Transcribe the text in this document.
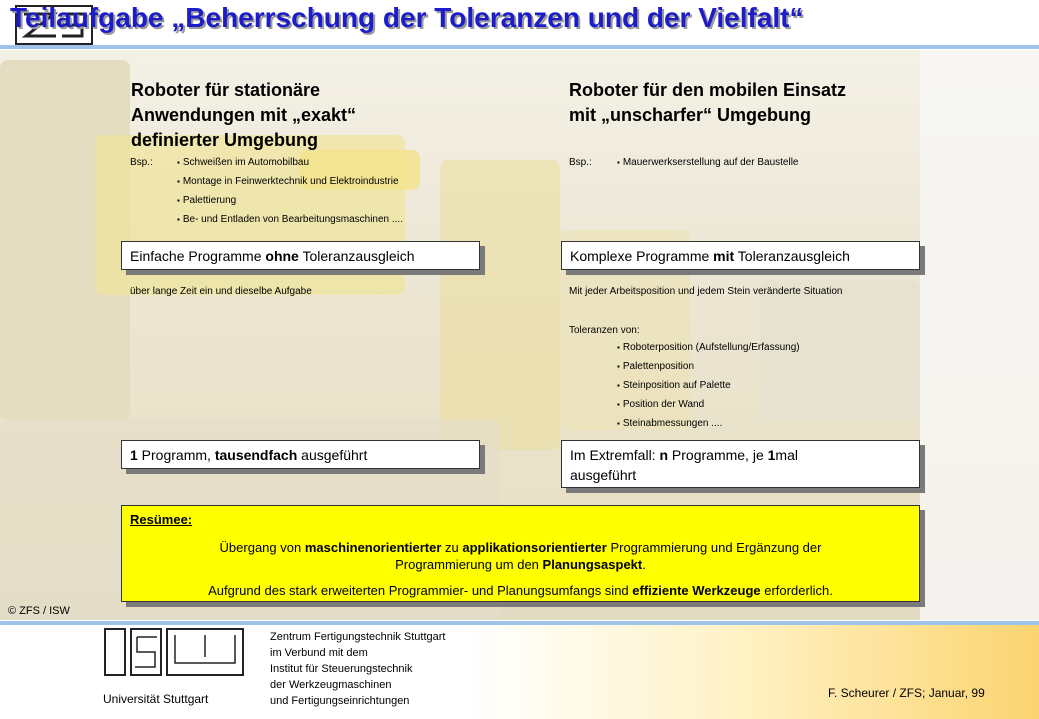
Teilaufgabe „Beherrschung der Toleranzen und der Vielfalt“
Roboter für stationäre
Anwendungen mit „exakt“
definierter Umgebung
Bsp.:	▪ Schweißen im Automobilbau
▪ Montage in Feinwerktechnik und Elektroindustrie
▪ Palettierung
▪ Be- und Entladen von Bearbeitungsmaschinen ....
Einfache Programme ohne Toleranzausgleich
über lange Zeit ein und dieselbe Aufgabe
1 Programm, tausendfach ausgeführt
Roboter für den mobilen Einsatz
mit „unscharfer“ Umgebung
Bsp.:	▪ Mauerwerkserstellung auf der Baustelle
Komplexe Programme mit Toleranzausgleich
Mit jeder Arbeitsposition und jedem Stein veränderte Situation
Toleranzen von:
▪ Roboterposition (Aufstellung/Erfassung)
▪ Palettenposition
▪ Steinposition auf Palette
▪ Position der Wand
▪ Steinabmessungen ....
Im Extremfall: n Programme, je 1mal
ausgeführt
Resümee:
Übergang von maschinenorientierter zu applikationsorientierter Programmierung und Ergänzung der
Programmierung um den Planungsaspekt.
Aufgrund des stark erweiterten Programmier- und Planungsumfangs sind effiziente Werkzeuge erforderlich.
© ZFS / ISW
Universität Stuttgart
Zentrum Fertigungstechnik Stuttgart
im Verbund mit dem
Institut für Steuerungstechnik
der Werkzeugmaschinen
und Fertigungseinrichtungen
F. Scheurer / ZFS; Januar, 99
